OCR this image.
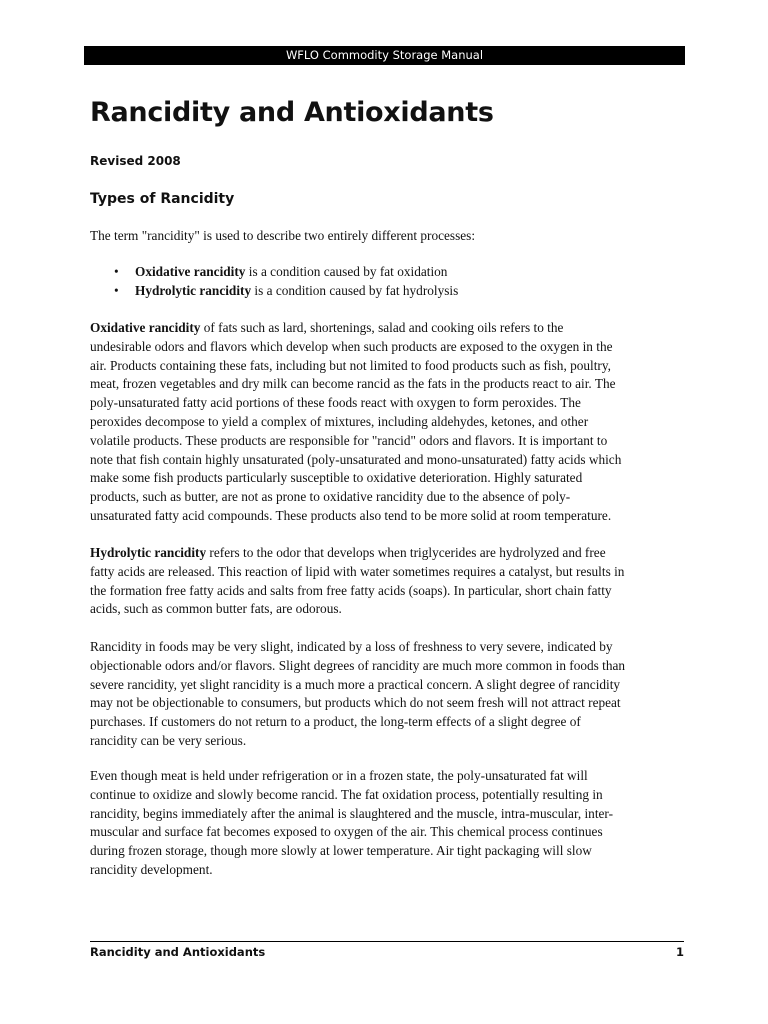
WFLO Commodity Storage Manual
Rancidity and Antioxidants
Revised 2008
Types of Rancidity

The term "rancidity" is used to describe two entirely different processes:

• Oxidative rancidity is a condition caused by fat oxidation
• Hydrolytic rancidity is a condition caused by fat hydrolysis

Oxidative rancidity of fats such as lard, shortenings, salad and cooking oils refers to the
undesirable odors and flavors which develop when such products are exposed to the oxygen in the
air. Products containing these fats, including but not limited to food products such as fish, poultry,
meat, frozen vegetables and dry milk can become rancid as the fats in the products react to air. The
poly-unsaturated fatty acid portions of these foods react with oxygen to form peroxides. The
peroxides decompose to yield a complex of mixtures, including aldehydes, ketones, and other
volatile products. These products are responsible for "rancid" odors and flavors. It is important to
note that fish contain highly unsaturated (poly-unsaturated and mono-unsaturated) fatty acids which
make some fish products particularly susceptible to oxidative deterioration. Highly saturated
products, such as butter, are not as prone to oxidative rancidity due to the absence of poly-
unsaturated fatty acid compounds. These products also tend to be more solid at room temperature.

Hydrolytic rancidity refers to the odor that develops when triglycerides are hydrolyzed and free
fatty acids are released. This reaction of lipid with water sometimes requires a catalyst, but results in
the formation free fatty acids and salts from free fatty acids (soaps). In particular, short chain fatty
acids, such as common butter fats, are odorous.

Rancidity in foods may be very slight, indicated by a loss of freshness to very severe, indicated by
objectionable odors and/or flavors. Slight degrees of rancidity are much more common in foods than
severe rancidity, yet slight rancidity is a much more a practical concern. A slight degree of rancidity
may not be objectionable to consumers, but products which do not seem fresh will not attract repeat
purchases. If customers do not return to a product, the long-term effects of a slight degree of
rancidity can be very serious.

Even though meat is held under refrigeration or in a frozen state, the poly-unsaturated fat will
continue to oxidize and slowly become rancid. The fat oxidation process, potentially resulting in
rancidity, begins immediately after the animal is slaughtered and the muscle, intra-muscular, inter-
muscular and surface fat becomes exposed to oxygen of the air. This chemical process continues
during frozen storage, though more slowly at lower temperature. Air tight packaging will slow
rancidity development.

Rancidity and Antioxidants	1
